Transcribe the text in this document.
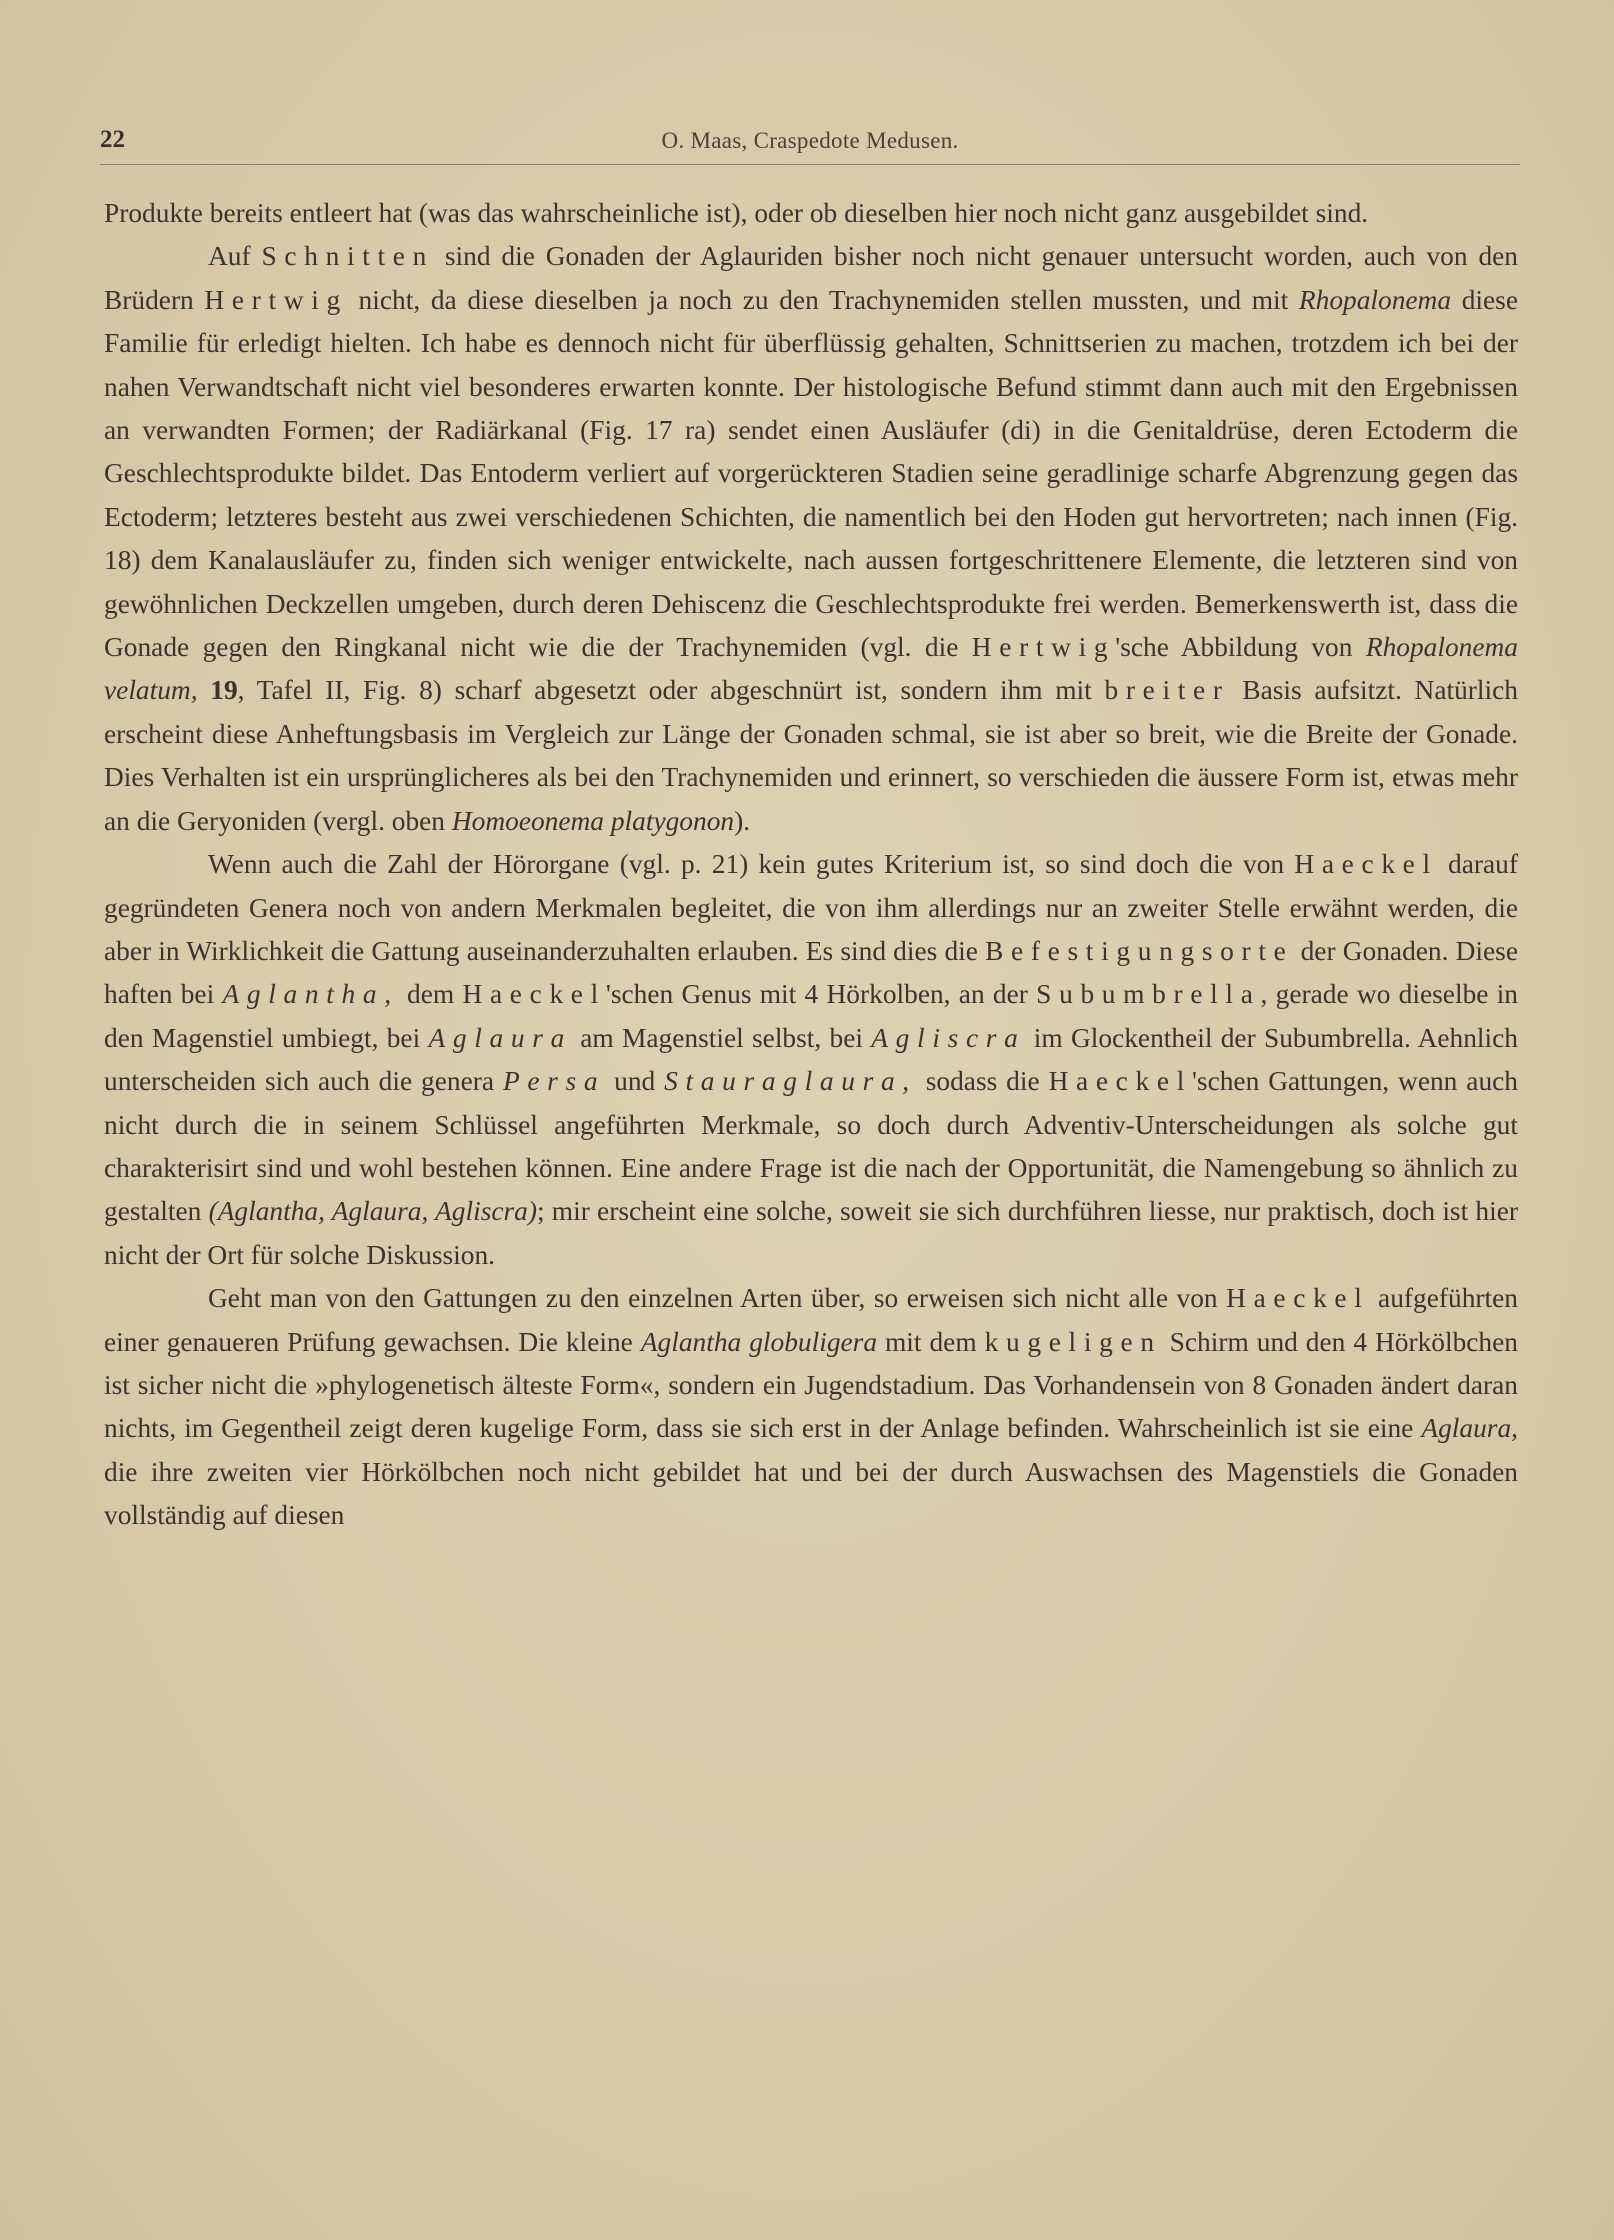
22	O. Maas, Craspedote Medusen.

Produkte bereits entleert hat (was das wahrscheinliche ist), oder ob dieselben hier noch nicht ganz ausgebildet sind.

Auf Schnitten sind die Gonaden der Aglauriden bisher noch nicht genauer untersucht worden, auch von den Brüdern Hertwig nicht, da diese dieselben ja noch zu den Trachynemiden stellen mussten, und mit Rhopalonema diese Familie für erledigt hielten. Ich habe es dennoch nicht für überflüssig gehalten, Schnittserien zu machen, trotzdem ich bei der nahen Verwandtschaft nicht viel besonderes erwarten konnte. Der histologische Befund stimmt dann auch mit den Ergebnissen an verwandten Formen; der Radiärkanal (Fig. 17 ra) sendet einen Ausläufer (di) in die Genitaldrüse, deren Ectoderm die Geschlechtsprodukte bildet. Das Entoderm verliert auf vorgerückteren Stadien seine geradlinige scharfe Abgrenzung gegen das Ectoderm; letzteres besteht aus zwei verschiedenen Schichten, die namentlich bei den Hoden gut hervortreten; nach innen (Fig. 18) dem Kanalausläufer zu, finden sich weniger entwickelte, nach aussen fortgeschrittenere Elemente, die letzteren sind von gewöhnlichen Deckzellen umgeben, durch deren Dehiscenz die Geschlechtsprodukte frei werden. Bemerkenswerth ist, dass die Gonade gegen den Ringkanal nicht wie die der Trachynemiden (vgl. die Hertwig'sche Abbildung von Rhopalonema velatum, 19, Tafel II, Fig. 8) scharf abgesetzt oder abgeschnürt ist, sondern ihm mit breiter Basis aufsitzt. Natürlich erscheint diese Anheftungsbasis im Vergleich zur Länge der Gonaden schmal, sie ist aber so breit, wie die Breite der Gonade. Dies Verhalten ist ein ursprünglicheres als bei den Trachynemiden und erinnert, so verschieden die äussere Form ist, etwas mehr an die Geryoniden (vergl. oben Homoeonema platygonon).

Wenn auch die Zahl der Hörorgane (vgl. p. 21) kein gutes Kriterium ist, so sind doch die von Haeckel darauf gegründeten Genera noch von andern Merkmalen begleitet, die von ihm allerdings nur an zweiter Stelle erwähnt werden, die aber in Wirklichkeit die Gattung auseinanderzuhalten erlauben. Es sind dies die Befestigungsorte der Gonaden. Diese haften bei Aglantha, dem Haeckel'schen Genus mit 4 Hörkolben, an der Subumbrella, gerade wo dieselbe in den Magenstiel umbiegt, bei Aglaura am Magenstiel selbst, bei Agliscra im Glockentheil der Subumbrella. Aehnlich unterscheiden sich auch die genera Persa und Stauraglaura, sodass die Haeckel'schen Gattungen, wenn auch nicht durch die in seinem Schlüssel angeführten Merkmale, so doch durch Adventiv-Unterscheidungen als solche gut charakterisirt sind und wohl bestehen können. Eine andere Frage ist die nach der Opportunität, die Namengebung so ähnlich zu gestalten (Aglantha, Aglaura, Agliscra); mir erscheint eine solche, soweit sie sich durchführen liesse, nur praktisch, doch ist hier nicht der Ort für solche Diskussion.

Geht man von den Gattungen zu den einzelnen Arten über, so erweisen sich nicht alle von Haeckel aufgeführten einer genaueren Prüfung gewachsen. Die kleine Aglantha globuligera mit dem kugeligen Schirm und den 4 Hörkölbchen ist sicher nicht die »phylogenetisch älteste Form«, sondern ein Jugendstadium. Das Vorhandensein von 8 Gonaden ändert daran nichts, im Gegentheil zeigt deren kugelige Form, dass sie sich erst in der Anlage befinden. Wahrscheinlich ist sie eine Aglaura, die ihre zweiten vier Hörkölbchen noch nicht gebildet hat und bei der durch Auswachsen des Magenstiels die Gonaden vollständig auf diesen
